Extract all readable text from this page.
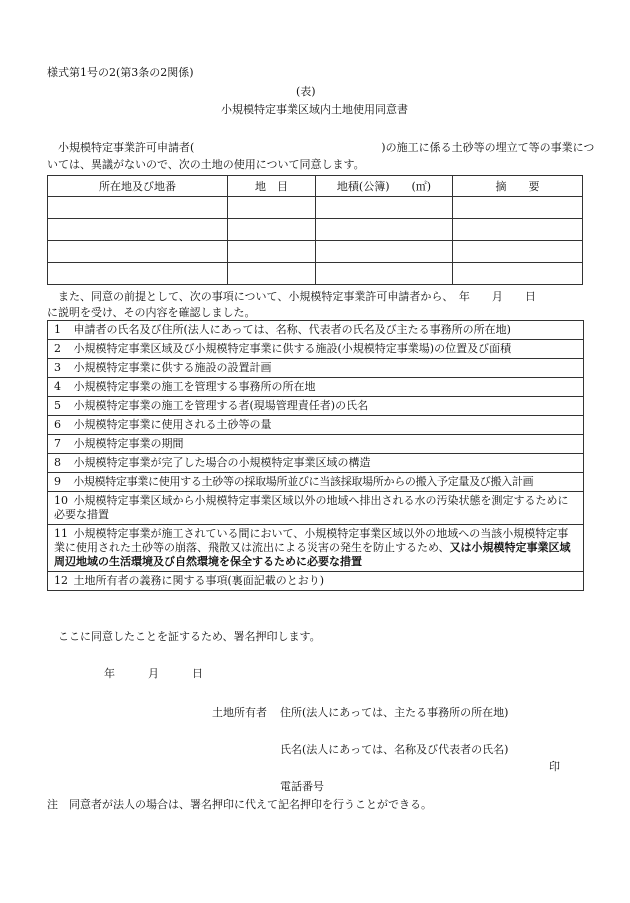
様式第1号の2(第3条の2関係)
(表)
小規模特定事業区域内土地使用同意書
小規模特定事業許可申請者(　　　　　　　　　　　　　　　　　)の施工に係る土砂等の埋立て等の事業につ
いては、異議がないので、次の土地の使用について同意します。
所在地及び地番	地　目	地積(公簿)　　(㎡)	摘　　要

また、同意の前提として、次の事項について、小規模特定事業許可申請者から、　年　　月　　日
に説明を受け、その内容を確認しました。
1 申請者の氏名及び住所(法人にあっては、名称、代表者の氏名及び主たる事務所の所在地)
2 小規模特定事業区域及び小規模特定事業に供する施設(小規模特定事業場)の位置及び面積
3 小規模特定事業に供する施設の設置計画
4 小規模特定事業の施工を管理する事務所の所在地
5 小規模特定事業の施工を管理する者(現場管理責任者)の氏名
6 小規模特定事業に使用される土砂等の量
7 小規模特定事業の期間
8 小規模特定事業が完了した場合の小規模特定事業区域の構造
9 小規模特定事業に使用する土砂等の採取場所並びに当該採取場所からの搬入予定量及び搬入計画
10 小規模特定事業区域から小規模特定事業区域以外の地域へ排出される水の汚染状態を測定するために必要な措置
11 小規模特定事業が施工されている間において、小規模特定事業区域以外の地域への当該小規模特定事業に使用された土砂等の崩落、飛散又は流出による災害の発生を防止するため、又は小規模特定事業区域周辺地域の生活環境及び自然環境を保全するために必要な措置
12 土地所有者の義務に関する事項(裏面記載のとおり)
ここに同意したことを証するため、署名押印します。
年　　　月　　　日
土地所有者 住所(法人にあっては、主たる事務所の所在地)
氏名(法人にあっては、名称及び代表者の氏名)
印
電話番号
注　同意者が法人の場合は、署名押印に代えて記名押印を行うことができる。
